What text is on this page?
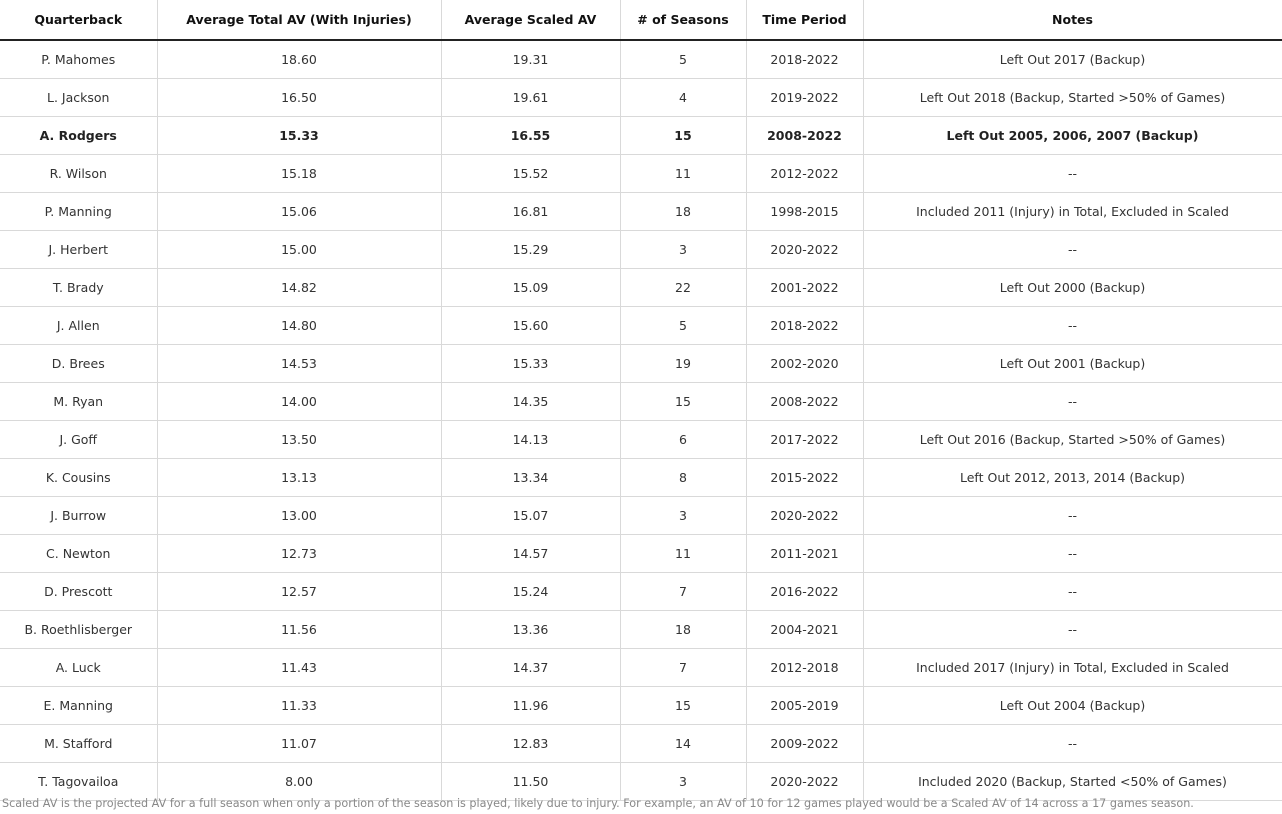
Quarterback	Average Total AV (With Injuries)	Average Scaled AV	# of Seasons	Time Period	Notes
P. Mahomes	18.60	19.31	5	2018-2022	Left Out 2017 (Backup)
L. Jackson	16.50	19.61	4	2019-2022	Left Out 2018 (Backup, Started >50% of Games)
A. Rodgers	15.33	16.55	15	2008-2022	Left Out 2005, 2006, 2007 (Backup)
R. Wilson	15.18	15.52	11	2012-2022	--
P. Manning	15.06	16.81	18	1998-2015	Included 2011 (Injury) in Total, Excluded in Scaled
J. Herbert	15.00	15.29	3	2020-2022	--
T. Brady	14.82	15.09	22	2001-2022	Left Out 2000 (Backup)
J. Allen	14.80	15.60	5	2018-2022	--
D. Brees	14.53	15.33	19	2002-2020	Left Out 2001 (Backup)
M. Ryan	14.00	14.35	15	2008-2022	--
J. Goff	13.50	14.13	6	2017-2022	Left Out 2016 (Backup, Started >50% of Games)
K. Cousins	13.13	13.34	8	2015-2022	Left Out 2012, 2013, 2014 (Backup)
J. Burrow	13.00	15.07	3	2020-2022	--
C. Newton	12.73	14.57	11	2011-2021	--
D. Prescott	12.57	15.24	7	2016-2022	--
B. Roethlisberger	11.56	13.36	18	2004-2021	--
A. Luck	11.43	14.37	7	2012-2018	Included 2017 (Injury) in Total, Excluded in Scaled
E. Manning	11.33	11.96	15	2005-2019	Left Out 2004 (Backup)
M. Stafford	11.07	12.83	14	2009-2022	--
T. Tagovailoa	8.00	11.50	3	2020-2022	Included 2020 (Backup, Started <50% of Games)
Scaled AV is the projected AV for a full season when only a portion of the season is played, likely due to injury. For example, an AV of 10 for 12 games played would be a Scaled AV of 14 across a 17 games season.
